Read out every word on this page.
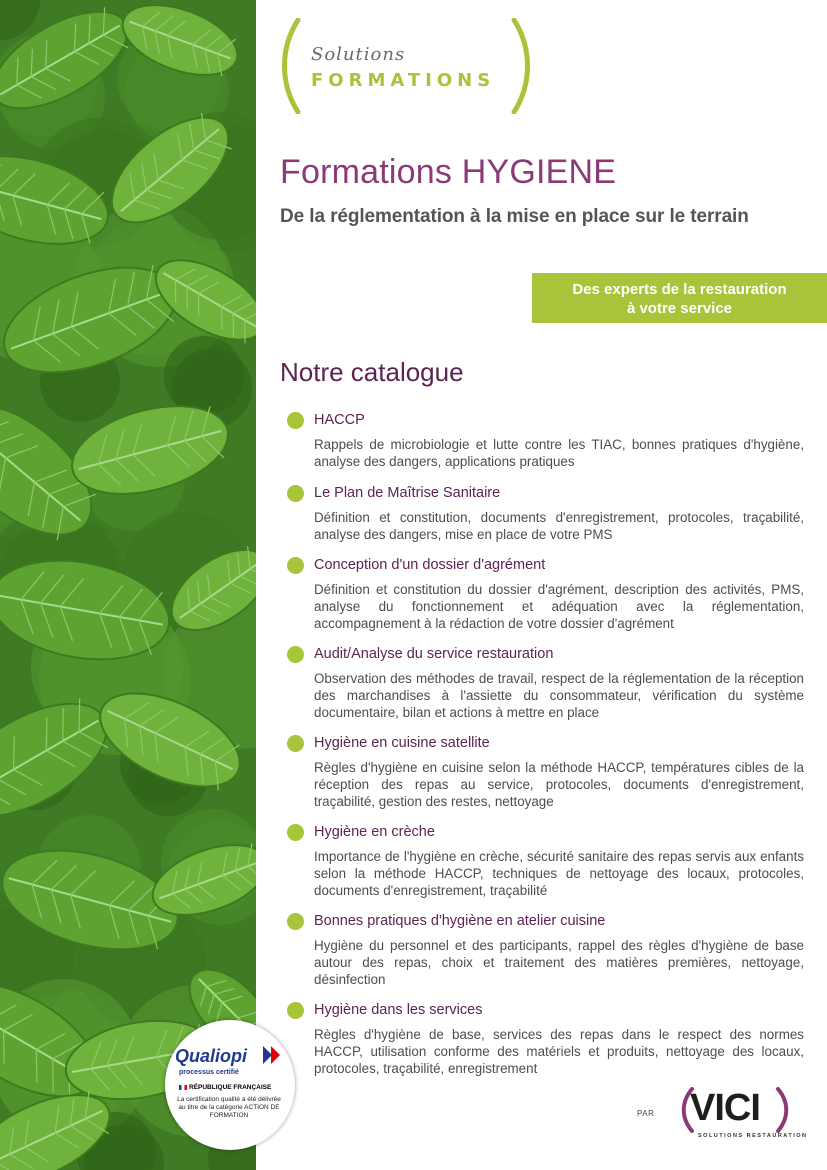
Solutions
FORMATIONS
Formations HYGIENE
De la réglementation à la mise en place sur le terrain
Des experts de la restauration
à votre service
Notre catalogue
HACCP
Rappels de microbiologie et lutte contre les TIAC, bonnes pratiques d'hygiène, analyse des dangers, applications pratiques
Le Plan de Maîtrise Sanitaire
Définition et constitution, documents d'enregistrement, protocoles, traçabilité, analyse des dangers, mise en place de votre PMS
Conception d'un dossier d'agrément
Définition et constitution du dossier d'agrément, description des activités, PMS, analyse du fonctionnement et adéquation avec la réglementation, accompagnement à la rédaction de votre dossier d'agrément
Audit/Analyse du service restauration
Observation des méthodes de travail, respect de la réglementation de la réception des marchandises à l'assiette du consommateur, vérification du système documentaire, bilan et actions à mettre en place
Hygiène en cuisine satellite
Règles d'hygiène en cuisine selon la méthode HACCP, températures cibles de la réception des repas au service, protocoles, documents d'enregistrement, traçabilité, gestion des restes, nettoyage
Hygiène en crèche
Importance de l'hygiène en crèche, sécurité sanitaire des repas servis aux enfants selon la méthode HACCP, techniques de nettoyage des locaux, protocoles, documents d'enregistrement, traçabilité
Bonnes pratiques d'hygiène en atelier cuisine
Hygiène du personnel et des participants, rappel des règles d'hygiène de base autour des repas, choix et traitement des matières premières, nettoyage, désinfection
Hygiène dans les services
Règles d'hygiène de base, services des repas dans le respect des normes HACCP, utilisation conforme des matériels et produits, nettoyage des locaux, protocoles, traçabilité, enregistrement
Qualiopi
processus certifié
RÉPUBLIQUE FRANÇAISE
La certification qualité a été délivrée au titre de la catégorie ACTION DE FORMATION	PAR VICI
SOLUTIONS RESTAURATION
